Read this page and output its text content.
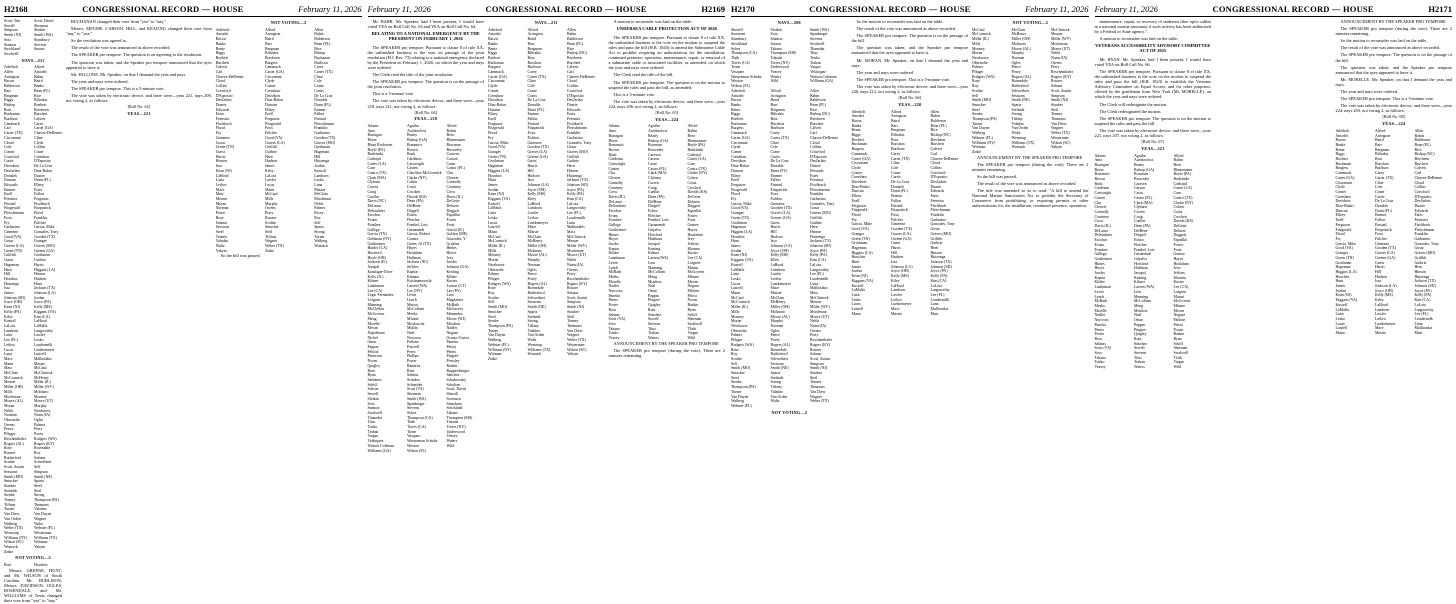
H2168	CONGRESSIONAL RECORD — HOUSE	February 11, 2026
Scott, Tim	Scott, David
Sewell	Sherman
Simpson	Slotkin
Smith (NJ)	Smith (WA)
Soto	Stansbury
Stanton	Stevens
Strickland	Suozzi
Swalwell
NAYS—211
Aderholt	Alford
Allen	Amodei
Arrington	Babin
Bacon	Baird
Balderson	Banks
Barr	Bean (FL)
Bergman	Bice
Biggs	Bilirakis
Bishop	Boebert
Bost	Brecheen
Buchanan	Burchett
Burlison	Calvert
Cammack	Carey
Carl	Carter (GA)
Carter (TX)	Chavez-DeRemer
Ciscomani	Cline
Cloud	Clyde
Cole	Collins
Comer	Crane
Crawford	Crenshaw
Curtis	D'Esposito
Davidson	De La Cruz
DesJarlais	Diaz-Balart
Donalds	Duarte
Duncan	Dunn (FL)
Edwards	Ellzey
Emmer	Estes
Ezell	Fallon
Feenstra	Ferguson
Finstad	Fischbach
Fitzgerald	Fitzpatrick
Fleischmann	Flood
Foxx	Franklin
Fry	Fulcher
Garbarino	Garcia, Mike
Gimenez	Gonzales, Tony
Good (VA)	Gooden (TX)
Gosar	Granger
Graves (LA)	Graves (MO)
Green (TN)	Greene (GA)
Griffith	Grothman
Guest	Guthrie
Hageman	Harris
Hern	Higgins (LA)
Hill	Hinson
Houchin	Hudson
Huizenga	Hunt
Issa	Jackson (TX)
James	Johnson (LA)
Johnson (SD)	Jordan
Joyce (OH)	Joyce (PA)
Kean (NJ)	Kelly (MS)
Kelly (PA)	Kiggans (VA)
Kiley	Kim (CA)
Kustoff	LaHood
LaLota	LaMalfa
Lamborn	Langworthy
Latta	Lawler
Lee (FL)	Lesko
Letlow	Loudermilk
Lucas	Luetkemeyer
Luna	Luttrell
Mace	Malliotakis
Mann	Massie
Mast	McCaul
McClain	McClintock
McCormick	McHenry
Meuser	Miller (IL)
Miller (OH)	Miller (WV)
Mills	Molinaro
Moolenaar	Mooney
Moore (AL)	Moore (UT)
Moran	Murphy
Nehls	Newhouse
Norman	Nunn (IA)
Obernolte	Ogles
Owens	Palmer
Pence	Perry
Pfluger	Posey
Reschenthaler	Rodgers (WA)
Rogers (AL)	Rogers (KY)
Rose	Rosendale
Rouzer	Roy
Rutherford	Salazar
Scalise	Schweikert
Scott, Austin	Self
Sessions	Simpson
Smith (MO)	Smith (NE)
Smucker	Spartz
Stauber	Steel
Stefanik	Steil
Steube	Strong
Tenney	Thompson (PA)
Tiffany	Timmons
Turner	Valadao
Van Drew	Van Duyne
Van Orden	Wagner
Walberg	Waltz
Weber (TX)	Webster (FL)
Wenstrup	Westerman
Williams (NY)	Williams (TX)
Wilson (SC)	Wittman
Womack	Yakym
Zinke
NOT VOTING—2
Bost	Houchin

Messrs. GREENE, HUNT, and Mr. WILSON of South Carolina, Mr. BURLISON, Messrs. DAVIDSON, OGLES, ROSENDALE, and Mr. WILLIAMS of Texas changed their vote from "yea" to "nay."

BUCHANAN changed their vote from "yea" to "nay."

Messrs. MFUME, CARSON, HILL, and KEATING changed their vote from "nay" to "yea."

So the resolution was agreed to.

The result of the vote was announced as above recorded.

The SPEAKER pro tempore. The question is on agreeing to the resolution.

The question was taken; and the Speaker pro tempore announced that the ayes appeared to have it.

Mr. PALLONE. Mr. Speaker, on that I demand the yeas and nays.

The yeas and nays were ordered.

The SPEAKER pro tempore. This is a 5-minute vote.

The vote was taken by electronic device, and there were—yeas 221, nays 208, not voting 2, as follows:

[Roll No. 62]
YEAS—221
NOT VOTING—2
Aderholt	Alford	Allen
Amodei	Arrington	Babin
Bacon	Baird	Balderson
Banks	Barr	Bean (FL)
Bentz	Bergman	Bice
Biggs	Bilirakis	Bishop
Boebert	Brecheen	Buchanan
Burchett	Burgess	Burlison
Calvert	Cammack	Carey
Carl	Carter (GA)	Carter (TX)
Chavez-DeRemer	Ciscomani	Cline
Cloud	Clyde	Cole
Collins	Comer	Crane
Crawford	Crenshaw	Curtis
D'Esposito	Davidson	De La Cruz
DesJarlais	Diaz-Balart	Donalds
Duarte	Duncan	Dunn (FL)
Edwards	Ellzey	Emmer
Estes	Ezell	Fallon
Feenstra	Ferguson	Finstad
Fischbach	Fitzgerald	Fleischmann
Flood	Foxx	Franklin
Fry	Fulcher	Garbarino
Gimenez	Good (VA)	Gooden (TX)
Gosar	Graves (LA)	Graves (MO)
Green (TN)	Griffith	Grothman
Guest	Guthrie	Hageman
Harris	Hern	Hill
Hinson	Hudson	Huizenga
Issa	James	Jordan
Kean (NJ)	Kiley	Kustoff
LaHood	LaLota	Lamborn
Latta	Lawler	Lesko
Letlow	Lucas	Luna
Mace	Mann	Massie
Mast	McCaul	McClain
Meuser	Mills	Moolenaar
Moran	Murphy	Nehls
Norman	Owens	Palmer
Pence	Perry	Posey
Rose	Rouzer	Roy
Salazar	Scalise	Self
Sessions	Smucker	Spartz
Steel	Steil	Strong
Tenney	Tiffany	Turner
Valadao	Wagner	Walberg
Waltz	Weber (TX)	Womack
Yakym	Zinke

So the bill was passed.

February 11, 2026	CONGRESSIONAL RECORD — HOUSE	H2169

Mr. BARR. Mr. Speaker, had I been present, I would have voted YEA on Roll Call No. 63 and YEA on Roll Call No. 64.

RELATING TO A NATIONAL EMERGENCY BY THE PRESIDENT ON FEBRUARY 1, 2026

The SPEAKER pro tempore. Pursuant to clause 8 of rule XX, the unfinished business is the vote on passage of the joint resolution (H.J. Res. 73) relating to a national emergency declared by the President on February 1, 2026, on which the yeas and nays were ordered.

The Clerk read the title of the joint resolution.

The SPEAKER pro tempore. The question is on the passage of the joint resolution.

This is a 5-minute vote.

The vote was taken by electronic device, and there were—yeas 218, nays 211, not voting 2, as follows:

[Roll No. 64]
YEAS—218
Adams	Aguilar	Allred
Amo	Auchincloss	Balint
Barragan	Beatty	Bera
Beyer	Bishop (GA)	Blumenauer
Blunt Rochester	Bonamici	Bowman
Boyle (PA)	Brown	Brownley
Budzinski	Bush	Caraveo
Carbajal	Cárdenas	Carson
Carter (LA)	Cartwright	Casar
Case	Casten	Castor (FL)
Castro (TX)	Cherfilus-McCormick	Chu
Clark (MA)	Clarke (NY)	Cleaver
Clyburn	Cohen	Connolly
Correa	Costa	Courtney
Craig	Crockett	Crow
Cuellar	Davids (KS)	Davis (IL)
Davis (NC)	Dean (PA)	DeGette
DeLauro	DelBene	Deluzio
DeSaulnier	Dingell	Doggett
Escobar	Eshoo	Espaillat
Evans	Fletcher	Foster
Foushee	Frankel, Lois	Frost
Gallego	Garamendi	García (IL)
Garcia (TX)	Garcia, Robert	Golden (ME)
Goldman (NY)	Gomez	Gonzalez, V.
Gottheimer	Green, Al (TX)	Grijalva
Harder (CA)	Hayes	Himes
Horsford	Houlahan	Hoyer
Hoyle (OR)	Huffman	Ivey
Jackson (IL)	Jackson (NC)	Jacobs
Jayapal	Jeffries	Johnson (GA)
Kamlager-Dove	Kaptur	Keating
Kelly (IL)	Khanna	Kildee
Kilmer	Krishnamoorthi	Kuster
Landsman	Larsen (WA)	Larson (CT)
Lee (CA)	Lee (NV)	Lee (PA)
Leger Fernandez	Levin	Lieu
Lofgren	Lynch	Magaziner
Manning	Matsui	McBath
McClellan	McCollum	McGarvey
McGovern	Meeks	Menendez
Meng	Mfume	Moore (WI)
Morelle	Moskowitz	Moulton
Mrvan	Mullin	Nadler
Napolitano	Neal	Neguse
Nickel	Norcross	Ocasio-Cortez
Omar	Pallone	Panetta
Pappas	Pascrell	Pelosi
Peltola	Perez	Peters
Pettersen	Phillips	Pingree
Pocan	Porter	Pressley
Quigley	Ramirez	Raskin
Ross	Ruiz	Ruppersberger
Ryan	Salinas	Sánchez
Sarbanes	Scanlon	Schakowsky
Schiff	Schneider	Scholten
Schrier	Scott (VA)	Scott, David
Sewell	Sherman	Sherrill
Slotkin	Smith (WA)	Sorensen
Soto	Spanberger	Stansbury
Stanton	Stevens	Strickland
Swalwell	Sykes	Takano
Thanedar	Thompson (CA)	Thompson (MS)
Titus	Tlaib	Tokuda
Tonko	Torres (CA)	Torres (NY)
Trahan	Trone	Underwood
Vargas	Vasquez	Veasey
Velázquez	Wasserman Schultz	Waters
Watson Coleman	Wexton	Wild
Williams (GA)	Wilson (FL)
NAYS—211
Aderholt	Alford	Allen
Amodei	Arrington	Babin
Bacon	Baird	Balderson
Banks	Barr	Bean (FL)
Bentz	Bergman	Bice
Biggs	Bilirakis	Bishop (NC)
Boebert	Bost	Brecheen
Buchanan	Bucshon	Burchett
Burgess	Burlison	Calvert
Cammack	Carey	Carl
Carter (GA)	Carter (TX)	Chavez-DeRemer
Ciscomani	Cline	Cloud
Clyde	Cole	Collins
Comer	Crane	Crawford
Crenshaw	Curtis	D'Esposito
Davidson	De La Cruz	DesJarlais
Diaz-Balart	Donalds	Duarte
Duncan	Dunn (FL)	Edwards
Ellzey	Emmer	Estes
Ezell	Fallon	Feenstra
Ferguson	Finstad	Fischbach
Fitzgerald	Fitzpatrick	Fleischmann
Flood	Foxx	Franklin
Fry	Fulcher	Garbarino
Garcia, Mike	Gimenez	Gonzales, Tony
Good (VA)	Gooden (TX)	Gosar
Granger	Graves (LA)	Graves (MO)
Green (TN)	Greene (GA)	Griffith
Grothman	Guest	Guthrie
Hageman	Harris	Hern
Higgins (LA)	Hill	Hinson
Houchin	Hudson	Huizenga
Hunt	Issa	Jackson (TX)
James	Johnson (LA)	Johnson (SD)
Jordan	Joyce (OH)	Joyce (PA)
Kean (NJ)	Kelly (MS)	Kelly (PA)
Kiggans (VA)	Kiley	Kim (CA)
Kustoff	LaHood	LaLota
LaMalfa	Lamborn	Langworthy
Latta	Lawler	Lee (FL)
Lesko	Letlow	Loudermilk
Lucas	Luetkemeyer	Luna
Luttrell	Mace	Malliotakis
Mann	Massie	Mast
McCaul	McClain	McClintock
McCormick	McHenry	Meuser
Miller (IL)	Miller (OH)	Miller (WV)
Mills	Molinaro	Moolenaar
Mooney	Moore (AL)	Moore (UT)
Moran	Murphy	Nehls
Newhouse	Norman	Nunn (IA)
Obernolte	Ogles	Owens
Palmer	Pence	Perry
Pfluger	Posey	Reschenthaler
Rodgers (WA)	Rogers (AL)	Rogers (KY)
Rose	Rosendale	Rouzer
Roy	Rutherford	Salazar
Scalise	Schweikert	Scott, Austin
Self	Sessions	Simpson
Smith (MO)	Smith (NE)	Smith (NJ)
Smucker	Spartz	Stauber
Steel	Stefanik	Steil
Steube	Strong	Tenney
Thompson (PA)	Tiffany	Timmons
Turner	Valadao	Van Drew
Van Duyne	Van Orden	Wagner
Walberg	Waltz	Weber (TX)
Webster (FL)	Wenstrup	Westerman
Williams (NY)	Williams (TX)	Wilson (SC)
Wittman	Womack	Yakym
Zinke

A motion to reconsider was laid on the table.

UNDERSEA CABLE PROTECTION ACT OF 2026

The SPEAKER pro tempore. Pursuant to clause 8 of rule XX, the unfinished business is the vote on the motion to suspend the rules and pass the bill (H.R. 1843) to amend the Submarine Cable Act to prohibit requiring an authorization for the installation, continued presence, operation, maintenance, repair, or removal of a submarine cable or associated facilities, as amended, on which the yeas and nays were ordered.

The Clerk read the title of the bill.

The SPEAKER pro tempore. The question is on the motion to suspend the rules and pass the bill, as amended.

This is a 5-minute vote.

The vote was taken by electronic device, and there were—yeas 224, nays 206, not voting 2, as follows:

[Roll No. 65]
YEAS—224
Adams	Aguilar	Allred
Amo	Auchincloss	Balint
Barragan	Beatty	Bera
Beyer	Bishop (GA)	Blumenauer
Bonamici	Bowman	Boyle (PA)
Brown	Brownley	Budzinski
Bush	Caraveo	Carbajal
Cárdenas	Carson	Carter (LA)
Cartwright	Casar	Case
Casten	Castor (FL)	Castro (TX)
Chu	Clark (MA)	Clarke (NY)
Cleaver	Clyburn	Cohen
Connolly	Correa	Costa
Courtney	Craig	Crockett
Crow	Cuellar	Davids (KS)
Davis (IL)	Dean (PA)	DeGette
DeLauro	DelBene	Deluzio
DeSaulnier	Dingell	Doggett
Escobar	Eshoo	Espaillat
Evans	Fletcher	Foster
Foushee	Frankel, Lois	Frost
Gallego	Garamendi	Gomez
Gottheimer	Grijalva	Hayes
Himes	Horsford	Houlahan
Hoyer	Huffman	Ivey
Jacobs	Jayapal	Jeffries
Kaptur	Keating	Khanna
Kildee	Kilmer	Kuster
Landsman	Larsen (WA)	Lee (CA)
Levin	Lieu	Lofgren
Lynch	Manning	Matsui
McBath	McCollum	McGovern
Meeks	Meng	Mfume
Morelle	Moulton	Mrvan
Nadler	Neal	Neguse
Norcross	Omar	Pallone
Panetta	Pappas	Pelosi
Peters	Pingree	Pocan
Porter	Quigley	Raskin
Ross	Ruiz	Ryan
Salinas	Sánchez	Schiff
Scott (VA)	Sewell	Sherman
Soto	Stevens	Swalwell
Takano	Titus	Tlaib
Tonko	Trahan	Vargas
Veasey	Waters	Wild

ANNOUNCEMENT BY THE SPEAKER PRO TEMPORE

The SPEAKER pro tempore (during the vote). There are 2 minutes remaining.

H2170	CONGRESSIONAL RECORD — HOUSE	February 11, 2026
NAYS—206
Sherrill	Slotkin	Smith (WA)
Sorensen	Soto	Spanberger
Stansbury	Stanton	Stevens
Strickland	Suozzi	Swalwell
Sykes	Takano	Thanedar
Thompson (CA)	Thompson (MS)	Titus
Tlaib	Tokuda	Tonko
Torres (CA)	Torres (NY)	Trahan
Trone	Underwood	Vargas
Vasquez	Veasey	Velázquez
Wasserman Schultz	Waters	Watson Coleman
Wexton	Wild	Williams (GA)
Wilson (FL)
Aderholt	Alford	Allen
Amodei	Arrington	Babin
Bacon	Baird	Balderson
Banks	Barr	Bean (FL)
Bentz	Bergman	Bice
Biggs	Bilirakis	Bishop (NC)
Boebert	Bost	Brecheen
Buchanan	Bucshon	Burchett
Burgess	Burlison	Calvert
Cammack	Carey	Carl
Carter (GA)	Carter (TX)	Chavez-DeRemer
Ciscomani	Cline	Cloud
Clyde	Cole	Collins
Comer	Crane	Crawford
Crenshaw	Curtis	D'Esposito
Davidson	De La Cruz	DesJarlais
Diaz-Balart	Donalds	Duarte
Duncan	Dunn (FL)	Edwards
Ellzey	Emmer	Estes
Ezell	Fallon	Feenstra
Ferguson	Finstad	Fischbach
Fitzgerald	Fitzpatrick	Fleischmann
Flood	Foxx	Franklin
Fry	Fulcher	Garbarino
Garcia, Mike	Gimenez	Gonzales, Tony
Good (VA)	Gooden (TX)	Gosar
Granger	Graves (LA)	Graves (MO)
Green (TN)	Greene (GA)	Griffith
Grothman	Guest	Guthrie
Hageman	Harris	Hern
Higgins (LA)	Hill	Hinson
Houchin	Hudson	Huizenga
Hunt	Issa	Jackson (TX)
James	Johnson (LA)	Johnson (SD)
Jordan	Joyce (OH)	Joyce (PA)
Kean (NJ)	Kelly (MS)	Kelly (PA)
Kiggans (VA)	Kiley	Kim (CA)
Kustoff	LaHood	LaLota
LaMalfa	Lamborn	Langworthy
Latta	Lawler	Lee (FL)
Lesko	Letlow	Loudermilk
Lucas	Luetkemeyer	Luna
Luttrell	Mace	Malliotakis
Mann	Massie	Mast
McCaul	McClain	McClintock
McCormick	McHenry	Meuser
Miller (IL)	Miller (OH)	Miller (WV)
Mills	Molinaro	Moolenaar
Mooney	Moore (AL)	Moore (UT)
Moran	Murphy	Nehls
Newhouse	Norman	Nunn (IA)
Obernolte	Ogles	Owens
Palmer	Pence	Perry
Pfluger	Posey	Reschenthaler
Rodgers (WA)	Rogers (AL)	Rogers (KY)
Rose	Rosendale	Rouzer
Roy	Rutherford	Salazar
Scalise	Schweikert	Scott, Austin
Self	Sessions	Simpson
Smith (MO)	Smith (NE)	Smith (NJ)
Smucker	Spartz	Stauber
Steel	Stefanik	Steil
Steube	Strong	Tenney
Thompson (PA)	Tiffany	Timmons
Turner	Valadao	Van Drew
Van Duyne	Van Orden	Wagner
Walberg	Waltz	Weber (TX)
Webster (FL)
NOT VOTING—2

So the motion to reconsider was laid on the table.

The result of the vote was announced as above recorded.

The SPEAKER pro tempore. The question is on the passage of the bill.

The question was taken; and the Speaker pro tempore announced that the ayes appeared to have it.

Mr. MORAN. Mr. Speaker, on that I demand the yeas and nays.

The yeas and nays were ordered.

The SPEAKER pro tempore. This is a 5-minute vote.

The vote was taken by electronic device, and there were—yeas 220, nays 212, not voting 2, as follows:

[Roll No. 66]
YEAS—220
Aderholt	Alford	Allen
Amodei	Arrington	Babin
Bacon	Baird	Balderson
Banks	Barr	Bean (FL)
Bentz	Bergman	Bice
Biggs	Bilirakis	Bishop (NC)
Boebert	Bost	Brecheen
Buchanan	Bucshon	Burchett
Burgess	Burlison	Calvert
Cammack	Carey	Carl
Carter (GA)	Carter (TX)	Chavez-DeRemer
Ciscomani	Cline	Cloud
Clyde	Cole	Collins
Comer	Crane	Crawford
Crenshaw	Curtis	D'Esposito
Davidson	De La Cruz	DesJarlais
Diaz-Balart	Donalds	Duarte
Duncan	Dunn (FL)	Edwards
Ellzey	Emmer	Estes
Ezell	Fallon	Feenstra
Ferguson	Finstad	Fischbach
Fitzgerald	Fitzpatrick	Fleischmann
Flood	Foxx	Franklin
Fry	Fulcher	Garbarino
Garcia, Mike	Gimenez	Gonzales, Tony
Good (VA)	Gooden (TX)	Gosar
Granger	Graves (LA)	Graves (MO)
Green (TN)	Greene (GA)	Griffith
Grothman	Guest	Guthrie
Hageman	Harris	Hern
Higgins (LA)	Hill	Hinson
Houchin	Hudson	Huizenga
Hunt	Issa	Jackson (TX)
James	Johnson (LA)	Johnson (SD)
Jordan	Joyce (OH)	Joyce (PA)
Kean (NJ)	Kelly (MS)	Kelly (PA)
Kiggans (VA)	Kiley	Kim (CA)
Kustoff	LaHood	LaLota
LaMalfa	Lamborn	Langworthy
Latta	Lawler	Lee (FL)
Lesko	Letlow	Loudermilk
Lucas	Luetkemeyer	Luna
Luttrell	Mace	Malliotakis
Mann	Massie	Mast
NOT VOTING—2
McCaul	McClain	McClintock
McCormick	McHenry	Meuser
Miller (IL)	Miller (OH)	Miller (WV)
Mills	Molinaro	Moolenaar
Mooney	Moore (AL)	Moore (UT)
Moran	Murphy	Nehls
Newhouse	Norman	Nunn (IA)
Obernolte	Ogles	Owens
Palmer	Pence	Perry
Pfluger	Posey	Reschenthaler
Rodgers (WA)	Rogers (AL)	Rogers (KY)
Rose	Rosendale	Rouzer
Roy	Rutherford	Salazar
Scalise	Schweikert	Scott, Austin
Self	Sessions	Simpson
Smith (MO)	Smith (NE)	Smith (NJ)
Smucker	Spartz	Stauber
Steel	Stefanik	Steil
Steube	Strong	Tenney
Thompson (PA)	Tiffany	Timmons
Turner	Valadao	Van Drew
Van Duyne	Van Orden	Wagner
Walberg	Waltz	Weber (TX)
Webster (FL)	Wenstrup	Westerman
Williams (NY)	Williams (TX)	Wilson (SC)
Wittman	Womack	Yakym
Zinke

ANNOUNCEMENT BY THE SPEAKER PRO TEMPORE

The SPEAKER pro tempore (during the vote). There are 2 minutes remaining.

So the bill was passed.

The result of the vote was announced as above recorded.

The title was amended so as to read: "A bill to amend the National Marine Sanctuaries Act to prohibit the Secretary of Commerce from prohibiting, or requiring permits or other authorizations for, the installation, continued presence, operation,

February 11, 2026	CONGRESSIONAL RECORD — HOUSE	H2171

maintenance, repair, or recovery of undersea fiber optic cables in a national marine sanctuary if such activity has been authorized by a Federal or State agency.".

A motion to reconsider was laid on the table.

VETERANS ACCESSIBILITY ADVISORY COMMITTEE ACT OF 2025

Mr. RYAN. Mr. Speaker, had I been present, I would have voted YEA on Roll Call No. 66.

The SPEAKER pro tempore. Pursuant to clause 8 of rule XX, the unfinished business is the vote on the motion to suspend the rules and pass the bill (H.R. 1823) to establish the Veterans Advisory Committee on Equal Access, and for other purposes, offered by the gentleman from New York (Mr. MORELLE), on which the yeas and nays were ordered.

The Clerk will redesignate the motion.

The Clerk redesignated the motion.

The SPEAKER pro tempore. The question is on the motion to suspend the rules and pass the bill.

The vote was taken by electronic device, and there were—yeas 221, nays 207, not voting 2, as follows:

[Roll No. 67]
YEAS—221
Adams	Aguilar	Allred
Amo	Auchincloss	Balint
Barragan	Beatty	Bera
Beyer	Bishop (GA)	Blumenauer
Bonamici	Bowman	Boyle (PA)
Brown	Brownley	Budzinski
Bush	Caraveo	Carbajal
Cárdenas	Carson	Carter (LA)
Cartwright	Casar	Case
Casten	Castor (FL)	Castro (TX)
Chu	Clark (MA)	Clarke (NY)
Cleaver	Clyburn	Cohen
Connolly	Correa	Costa
Courtney	Craig	Crockett
Crow	Cuellar	Davids (KS)
Davis (IL)	Dean (PA)	DeGette
DeLauro	DelBene	Deluzio
DeSaulnier	Dingell	Doggett
Escobar	Eshoo	Espaillat
Evans	Fletcher	Foster
Foushee	Frankel, Lois	Frost
Gallego	Garamendi	Gomez
Gottheimer	Grijalva	Hayes
Himes	Horsford	Houlahan
Hoyer	Huffman	Ivey
Jacobs	Jayapal	Jeffries
Kaptur	Keating	Khanna
Kildee	Kilmer	Kuster
Landsman	Larsen (WA)	Lee (CA)
Levin	Lieu	Lofgren
Lynch	Manning	Matsui
McBath	McCollum	McGovern
Meeks	Meng	Mfume
Morelle	Moulton	Mrvan
Nadler	Neal	Neguse
Norcross	Omar	Pallone
Panetta	Pappas	Pelosi
Peters	Pingree	Pocan
Porter	Quigley	Raskin
Ross	Ruiz	Ryan
Salinas	Sánchez	Schiff
Scott (VA)	Sewell	Sherman
Soto	Stevens	Swalwell
Takano	Titus	Tlaib
Tonko	Trahan	Vargas
Veasey	Waters	Wild

ANNOUNCEMENT BY THE SPEAKER PRO TEMPORE

The SPEAKER pro tempore (during the vote). There are 2 minutes remaining.

So the motion to reconsider was laid on the table.

The result of the vote was announced as above recorded.

The SPEAKER pro tempore. The question is on the passage of the bill.

The question was taken; and the Speaker pro tempore announced that the ayes appeared to have it.

Mr. MORELLE. Mr. Speaker, on that I demand the yeas and nays.

The yeas and nays were ordered.

The SPEAKER pro tempore. This is a 5-minute vote.

The vote was taken by electronic device, and there were—yeas 224, nays 203, not voting 2, as follows:

[Roll No. 68]
YEAS—224
Aderholt	Alford	Allen
Amodei	Arrington	Babin
Bacon	Baird	Balderson
Banks	Barr	Bean (FL)
Bentz	Bergman	Bice
Biggs	Bilirakis	Bishop (NC)
Boebert	Bost	Brecheen
Buchanan	Bucshon	Burchett
Burgess	Burlison	Calvert
Cammack	Carey	Carl
Carter (GA)	Carter (TX)	Chavez-DeRemer
Ciscomani	Cline	Cloud
Clyde	Cole	Collins
Comer	Crane	Crawford
Crenshaw	Curtis	D'Esposito
Davidson	De La Cruz	DesJarlais
Diaz-Balart	Donalds	Duarte
Duncan	Dunn (FL)	Edwards
Ellzey	Emmer	Estes
Ezell	Fallon	Feenstra
Ferguson	Finstad	Fischbach
Fitzgerald	Fitzpatrick	Fleischmann
Flood	Foxx	Franklin
Fry	Fulcher	Garbarino
Garcia, Mike	Gimenez	Gonzales, Tony
Good (VA)	Gooden (TX)	Gosar
Granger	Graves (LA)	Graves (MO)
Green (TN)	Greene (GA)	Griffith
Grothman	Guest	Guthrie
Hageman	Harris	Hern
Higgins (LA)	Hill	Hinson
Houchin	Hudson	Huizenga
Hunt	Issa	Jackson (TX)
James	Johnson (LA)	Johnson (SD)
Jordan	Joyce (OH)	Joyce (PA)
Kean (NJ)	Kelly (MS)	Kelly (PA)
Kiggans (VA)	Kiley	Kim (CA)
Kustoff	LaHood	LaLota
LaMalfa	Lamborn	Langworthy
Latta	Lawler	Lee (FL)
Lesko	Letlow	Loudermilk
Lucas	Luetkemeyer	Luna
Luttrell	Mace	Malliotakis
Mann	Massie	Mast
